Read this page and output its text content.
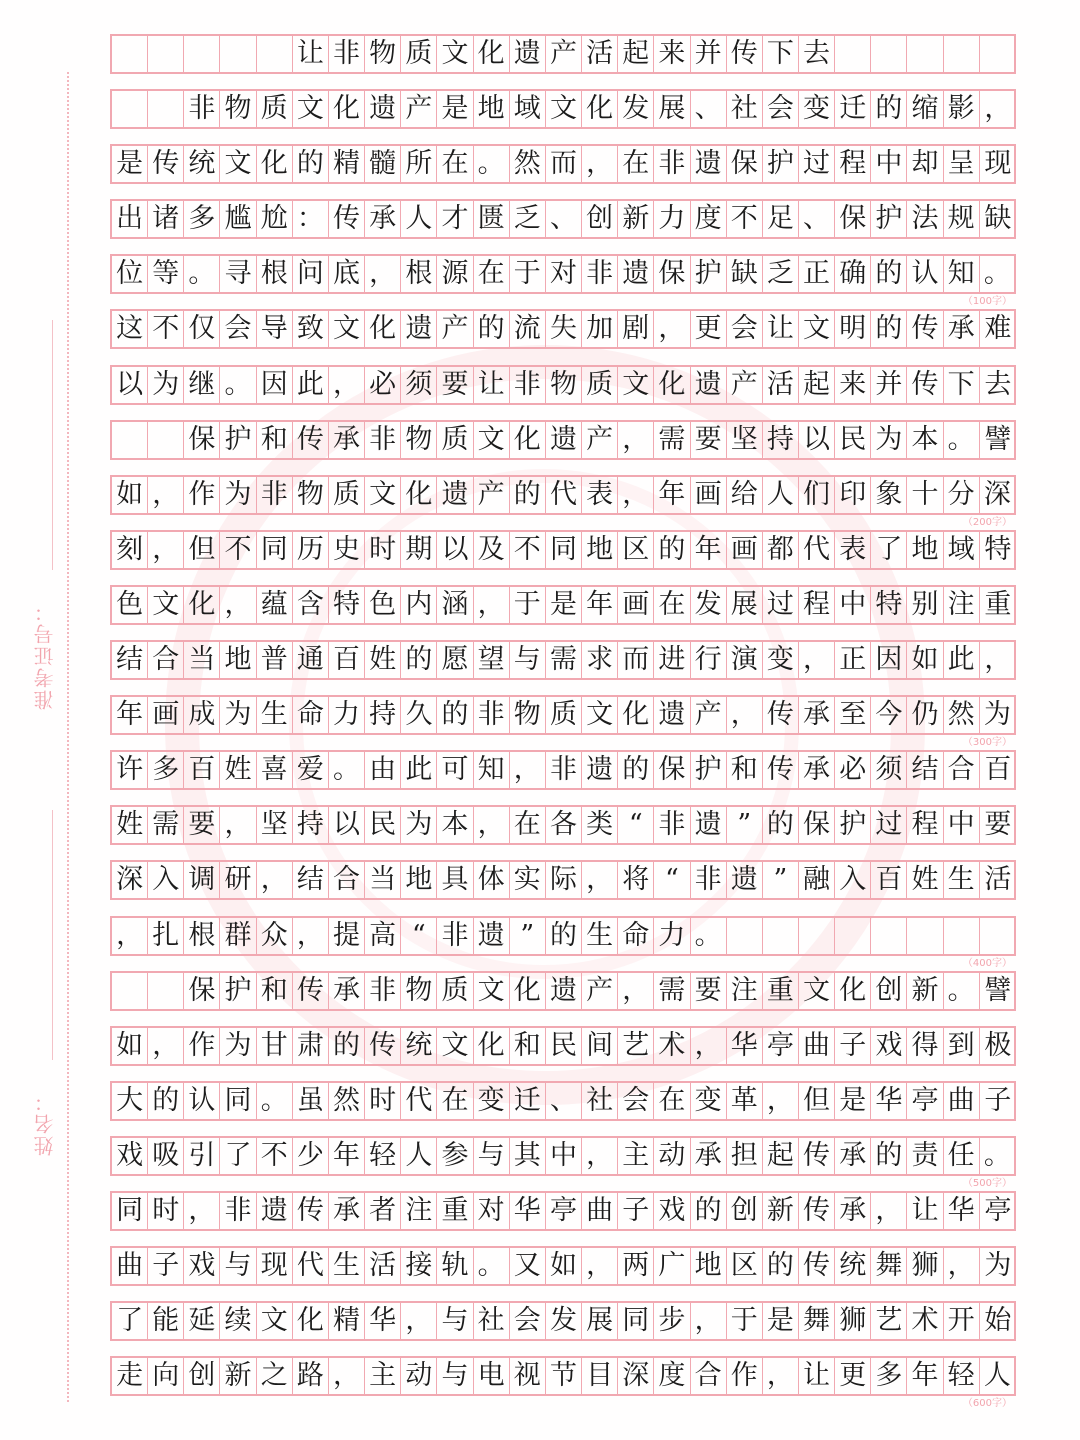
准考证号：
姓名：
让 非 物 质 文 化 遗 产 活 起 来 并 传 下 去
非 物 质 文 化 遗 产 是 地 域 文 化 发 展 、 社 会 变 迁 的 缩 影 ，
是 传 统 文 化 的 精 髓 所 在 。 然 而 ， 在 非 遗 保 护 过 程 中 却 呈 现
出 诸 多 尴 尬 ： 传 承 人 才 匮 乏 、 创 新 力 度 不 足 、 保 护 法 规 缺
位 等 。 寻 根 问 底 ， 根 源 在 于 对 非 遗 保 护 缺 乏 正 确 的 认 知 。
（100字）
这 不 仅 会 导 致 文 化 遗 产 的 流 失 加 剧 ， 更 会 让 文 明 的 传 承 难
以 为 继 。 因 此 ， 必 须 要 让 非 物 质 文 化 遗 产 活 起 来 并 传 下 去
保 护 和 传 承 非 物 质 文 化 遗 产 ， 需 要 坚 持 以 民 为 本 。 譬
如 ， 作 为 非 物 质 文 化 遗 产 的 代 表 ， 年 画 给 人 们 印 象 十 分 深
（200字）
刻 ， 但 不 同 历 史 时 期 以 及 不 同 地 区 的 年 画 都 代 表 了 地 域 特
色 文 化 ， 蕴 含 特 色 内 涵 ， 于 是 年 画 在 发 展 过 程 中 特 别 注 重
结 合 当 地 普 通 百 姓 的 愿 望 与 需 求 而 进 行 演 变 ， 正 因 如 此 ，
年 画 成 为 生 命 力 持 久 的 非 物 质 文 化 遗 产 ， 传 承 至 今 仍 然 为
（300字）
许 多 百 姓 喜 爱 。 由 此 可 知 ， 非 遗 的 保 护 和 传 承 必 须 结 合 百
姓 需 要 ， 坚 持 以 民 为 本 ， 在 各 类 “ 非 遗 ” 的 保 护 过 程 中 要
深 入 调 研 ， 结 合 当 地 具 体 实 际 ， 将 “ 非 遗 ” 融 入 百 姓 生 活
， 扎 根 群 众 ， 提 高 “ 非 遗 ” 的 生 命 力 。
（400字）
保 护 和 传 承 非 物 质 文 化 遗 产 ， 需 要 注 重 文 化 创 新 。 譬
如 ， 作 为 甘 肃 的 传 统 文 化 和 民 间 艺 术 ， 华 亭 曲 子 戏 得 到 极
大 的 认 同 。 虽 然 时 代 在 变 迁 、 社 会 在 变 革 ， 但 是 华 亭 曲 子
戏 吸 引 了 不 少 年 轻 人 参 与 其 中 ， 主 动 承 担 起 传 承 的 责 任 。
（500字）
同 时 ， 非 遗 传 承 者 注 重 对 华 亭 曲 子 戏 的 创 新 传 承 ， 让 华 亭
曲 子 戏 与 现 代 生 活 接 轨 。 又 如 ， 两 广 地 区 的 传 统 舞 狮 ， 为
了 能 延 续 文 化 精 华 ， 与 社 会 发 展 同 步 ， 于 是 舞 狮 艺 术 开 始
走 向 创 新 之 路 ， 主 动 与 电 视 节 目 深 度 合 作 ， 让 更 多 年 轻 人
（600字）
